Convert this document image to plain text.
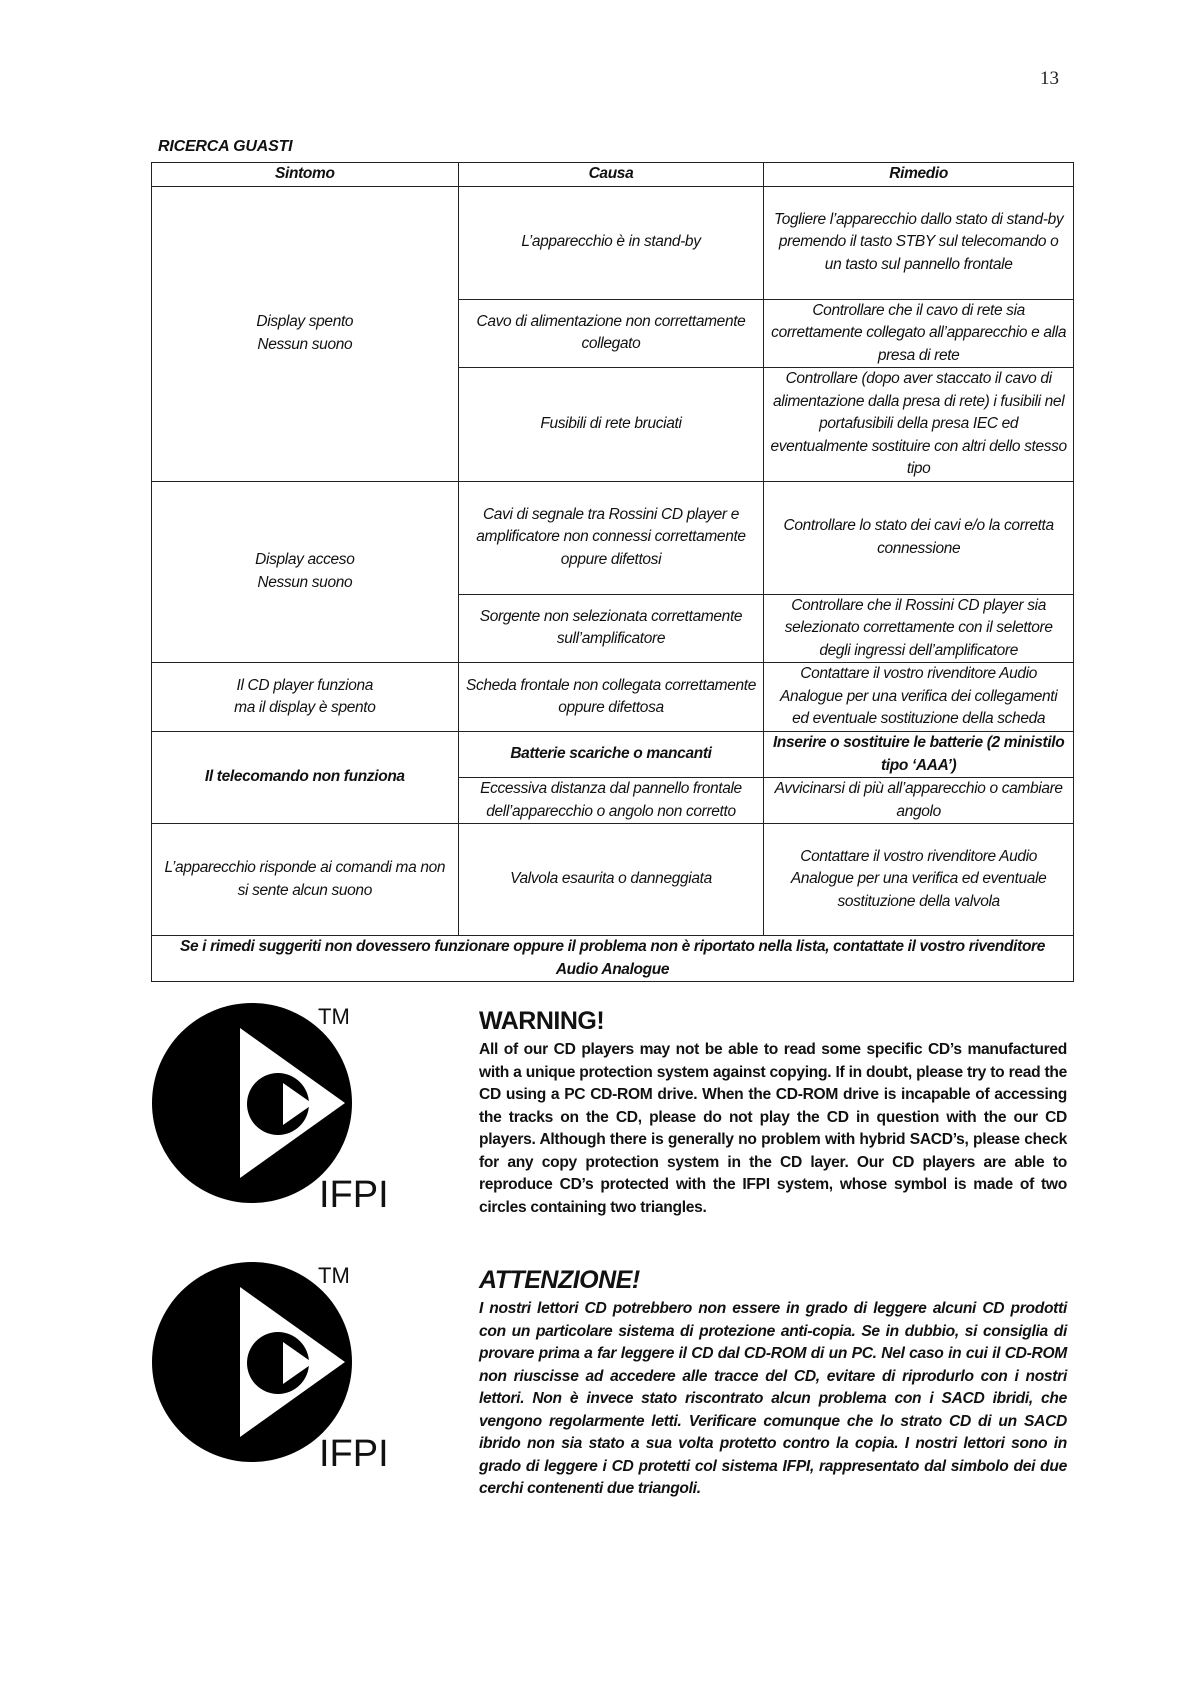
13
RICERCA GUASTI
Sintomo	Causa	Rimedio
Display spento
Nessun suono	L’apparecchio è in stand-by	Togliere l’apparecchio dallo stato di stand-by premendo il tasto STBY sul telecomando o un tasto sul pannello frontale
	Cavo di alimentazione non correttamente collegato	Controllare che il cavo di rete sia correttamente collegato all’apparecchio e alla presa di rete
	Fusibili di rete bruciati	Controllare (dopo aver staccato il cavo di alimentazione dalla presa di rete) i fusibili nel portafusibili della presa IEC ed eventualmente sostituire con altri dello stesso tipo
Display acceso
Nessun suono	Cavi di segnale tra Rossini CD player e amplificatore non connessi correttamente oppure difettosi	Controllare lo stato dei cavi e/o la corretta connessione
	Sorgente non selezionata correttamente sull’amplificatore	Controllare che il Rossini CD player sia selezionato correttamente con il selettore degli ingressi dell’amplificatore
Il CD player funziona
ma il display è spento	Scheda frontale non collegata correttamente oppure difettosa	Contattare il vostro rivenditore Audio Analogue per una verifica dei collegamenti ed eventuale sostituzione della scheda
Il telecomando non funziona	Batterie scariche o mancanti	Inserire o sostituire le batterie (2 ministilo tipo ‘AAA’)
	Eccessiva distanza dal pannello frontale dell’apparecchio o angolo non corretto	Avvicinarsi di più all’apparecchio o cambiare angolo
L’apparecchio risponde ai comandi ma non si sente alcun suono	Valvola esaurita o danneggiata	Contattare il vostro rivenditore Audio Analogue per una verifica ed eventuale sostituzione della valvola
Se i rimedi suggeriti non dovessero funzionare oppure il problema non è riportato nella lista, contattate il vostro rivenditore Audio Analogue		
TM
IFPI
WARNING!

All of our CD players may not be able to read some specific CD’s manufactured with a unique protection system against copying. If in doubt, please try to read the CD using a PC CD-ROM drive. When the CD-ROM drive is incapable of accessing the tracks on the CD, please do not play the CD in question with the our CD players. Although there is generally no problem with hybrid SACD’s, please check for any copy protection system in the CD layer. Our CD players are able to reproduce CD’s protected with the IFPI system, whose symbol is made of two circles containing two triangles.

TM
IFPI
ATTENZIONE!

I nostri lettori CD potrebbero non essere in grado di leggere alcuni CD prodotti con un particolare sistema di protezione anti-copia. Se in dubbio, si consiglia di provare prima a far leggere il CD dal CD-ROM di un PC. Nel caso in cui il CD-ROM non riuscisse ad accedere alle tracce del CD, evitare di riprodurlo con i nostri lettori. Non è invece stato riscontrato alcun problema con i SACD ibridi, che vengono regolarmente letti. Verificare comunque che lo strato CD di un SACD ibrido non sia stato a sua volta protetto contro la copia. I nostri lettori sono in grado di leggere i CD protetti col sistema IFPI, rappresentato dal simbolo dei due cerchi contenenti due triangoli.
